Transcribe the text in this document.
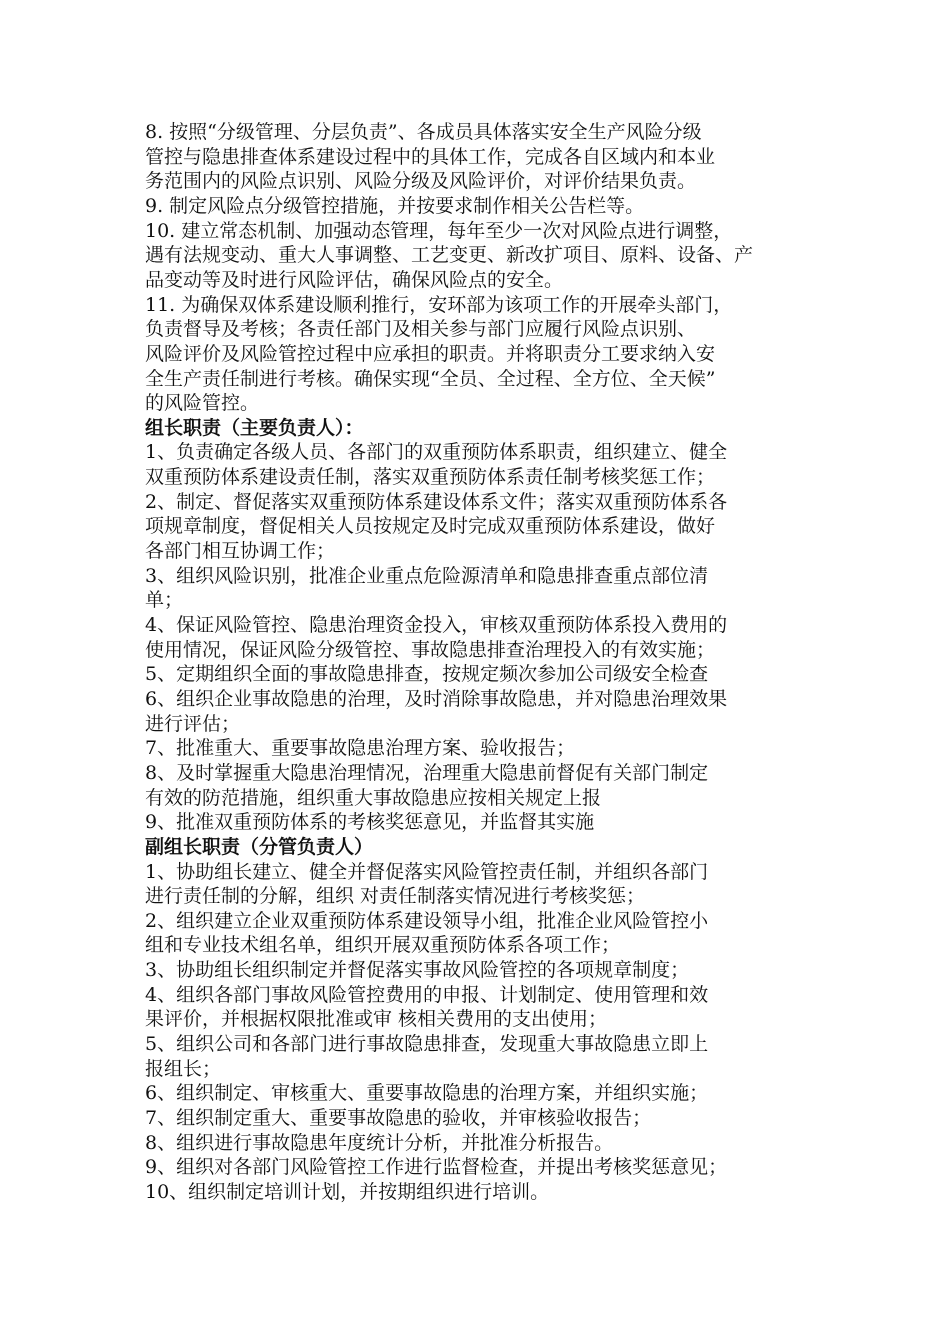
8. 按照“分级管理、分层负责”、各成员具体落实安全生产风险分级
管控与隐患排查体系建设过程中的具体工作，完成各自区域内和本业
务范围内的风险点识别、风险分级及风险评价，对评价结果负责。
9. 制定风险点分级管控措施，并按要求制作相关公告栏等。
10. 建立常态机制、加强动态管理，每年至少一次对风险点进行调整，
遇有法规变动、重大人事调整、工艺变更、新改扩项目、原料、设备、产
品变动等及时进行风险评估，确保风险点的安全。
11. 为确保双体系建设顺利推行，安环部为该项工作的开展牵头部门，
负责督导及考核；各责任部门及相关参与部门应履行风险点识别、
风险评价及风险管控过程中应承担的职责。并将职责分工要求纳入安
全生产责任制进行考核。确保实现“全员、全过程、全方位、全天候”
的风险管控。
组长职责（主要负责人）：
1、负责确定各级人员、各部门的双重预防体系职责，组织建立、健全
双重预防体系建设责任制，落实双重预防体系责任制考核奖惩工作；
2、制定、督促落实双重预防体系建设体系文件；落实双重预防体系各
项规章制度，督促相关人员按规定及时完成双重预防体系建设，做好
各部门相互协调工作；
3、组织风险识别，批准企业重点危险源清单和隐患排查重点部位清
单；
4、保证风险管控、隐患治理资金投入，审核双重预防体系投入费用的
使用情况，保证风险分级管控、事故隐患排查治理投入的有效实施；
5、定期组织全面的事故隐患排查，按规定频次参加公司级安全检查
6、组织企业事故隐患的治理，及时消除事故隐患，并对隐患治理效果
进行评估；
7、批准重大、重要事故隐患治理方案、验收报告；
8、及时掌握重大隐患治理情况，治理重大隐患前督促有关部门制定
有效的防范措施，组织重大事故隐患应按相关规定上报
9、批准双重预防体系的考核奖惩意见，并监督其实施
副组长职责（分管负责人）
1、协助组长建立、健全并督促落实风险管控责任制，并组织各部门
进行责任制的分解，组织 对责任制落实情况进行考核奖惩；
2、组织建立企业双重预防体系建设领导小组，批准企业风险管控小
组和专业技术组名单，组织开展双重预防体系各项工作；
3、协助组长组织制定并督促落实事故风险管控的各项规章制度；
4、组织各部门事故风险管控费用的申报、计划制定、使用管理和效
果评价，并根据权限批准或审 核相关费用的支出使用；
5、组织公司和各部门进行事故隐患排查，发现重大事故隐患立即上
报组长；
6、组织制定、审核重大、重要事故隐患的治理方案，并组织实施；
7、组织制定重大、重要事故隐患的验收，并审核验收报告；
8、组织进行事故隐患年度统计分析，并批准分析报告。
9、组织对各部门风险管控工作进行监督检查，并提出考核奖惩意见；
10、组织制定培训计划，并按期组织进行培训。
